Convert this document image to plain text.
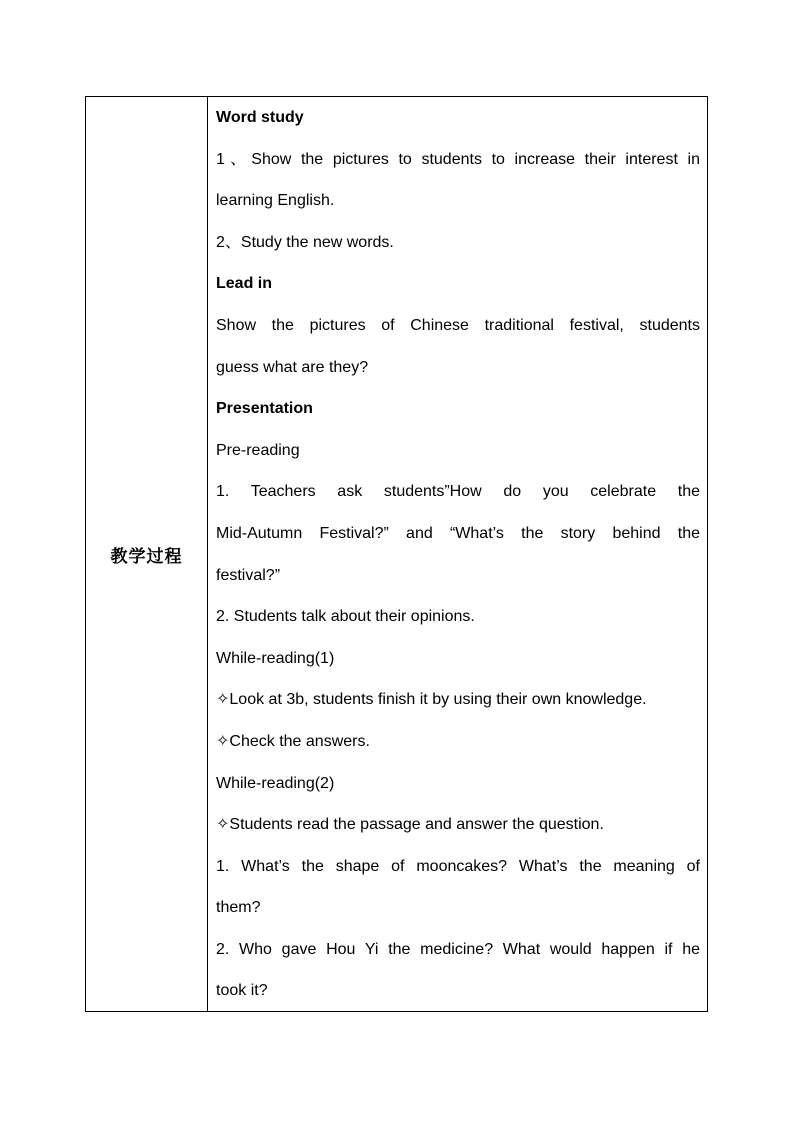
教学过程
Word study
1、Show the pictures to students to increase their interest in
learning English.
2、Study the new words.
Lead in
Show the pictures of Chinese traditional festival, students
guess what are they?
Presentation
Pre-reading
1. Teachers ask students”How do you celebrate the
Mid-Autumn Festival?” and “What’s the story behind the
festival?”
2. Students talk about their opinions.
While-reading(1)
✧Look at 3b, students finish it by using their own knowledge.
✧Check the answers.
While-reading(2)
✧Students read the passage and answer the question.
1. What’s the shape of mooncakes? What’s the meaning of
them?
2. Who gave Hou Yi the medicine? What would happen if he
took it?
